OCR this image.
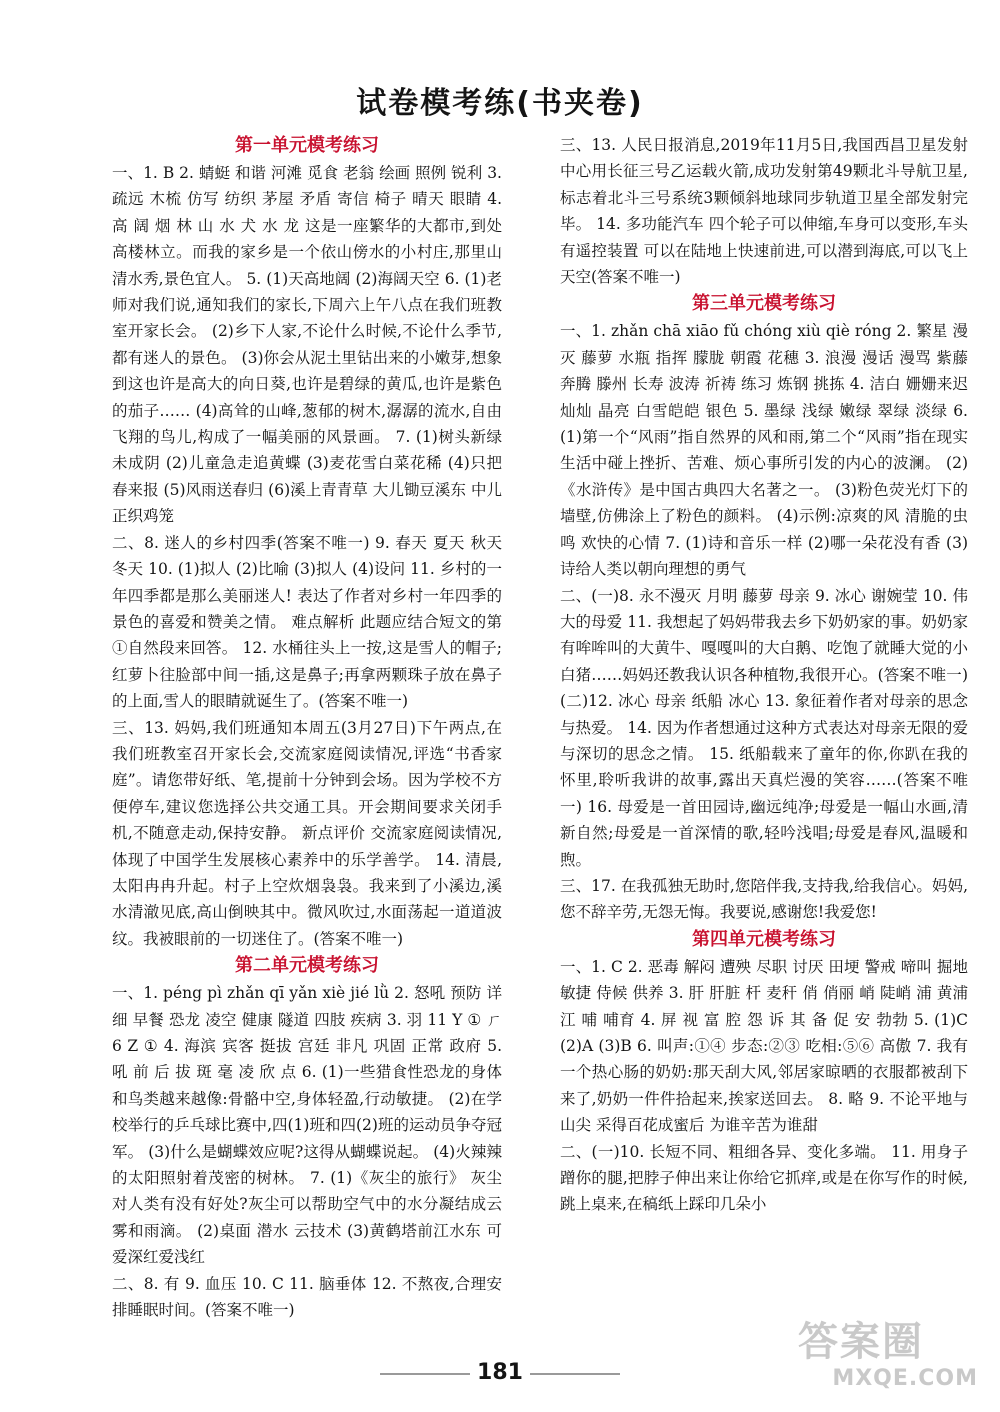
试卷模考练(书夹卷)
第一单元模考练习

一、1. B 2. 蜻蜓 和谐 河滩 觅食 老翁 绘画 照例 锐利 3. 疏远 木梳 仿写 纺织 茅屋 矛盾 寄信 椅子 晴天 眼睛 4. 高 阔 烟 林 山 水 犬 水 龙 这是一座繁华的大都市,到处高楼林立。而我的家乡是一个依山傍水的小村庄,那里山清水秀,景色宜人。 5. (1)天高地阔 (2)海阔天空 6. (1)老师对我们说,通知我们的家长,下周六上午八点在我们班教室开家长会。 (2)乡下人家,不论什么时候,不论什么季节,都有迷人的景色。 (3)你会从泥土里钻出来的小嫩芽,想象到这也许是高大的向日葵,也许是碧绿的黄瓜,也许是紫色的茄子…… (4)高耸的山峰,葱郁的树木,潺潺的流水,自由飞翔的鸟儿,构成了一幅美丽的风景画。 7. (1)树头新绿未成阴 (2)儿童急走追黄蝶 (3)麦花雪白菜花稀 (4)只把春来报 (5)风雨送春归 (6)溪上青青草 大儿锄豆溪东 中儿正织鸡笼

二、8. 迷人的乡村四季(答案不唯一) 9. 春天 夏天 秋天 冬天 10. (1)拟人 (2)比喻 (3)拟人 (4)设问 11. 乡村的一年四季都是那么美丽迷人! 表达了作者对乡村一年四季的景色的喜爱和赞美之情。 难点解析 此题应结合短文的第①自然段来回答。 12. 水桶往头上一按,这是雪人的帽子;红萝卜往脸部中间一插,这是鼻子;再拿两颗珠子放在鼻子的上面,雪人的眼睛就诞生了。(答案不唯一)

三、13. 妈妈,我们班通知本周五(3月27日)下午两点,在我们班教室召开家长会,交流家庭阅读情况,评选“书香家庭”。请您带好纸、笔,提前十分钟到会场。因为学校不方便停车,建议您选择公共交通工具。开会期间要求关闭手机,不随意走动,保持安静。 新点评价 交流家庭阅读情况,体现了中国学生发展核心素养中的乐学善学。 14. 清晨,太阳冉冉升起。村子上空炊烟袅袅。我来到了小溪边,溪水清澈见底,高山倒映其中。微风吹过,水面荡起一道道波纹。我被眼前的一切迷住了。(答案不唯一)

第二单元模考练习

一、1. péng pì zhǎn qī yǎn xiè jié lǜ 2. 怒吼 预防 详细 早餐 恐龙 凌空 健康 隧道 四肢 疾病 3. 羽 11 Y ① ㄏ 6 Z ① 4. 海滨 宾客 挺拔 宫廷 非凡 巩固 正常 政府 5. 吼 前 后 拔 斑 毫 凌 欣 点 6. (1)一些猎食性恐龙的身体和鸟类越来越像:骨骼中空,身体轻盈,行动敏捷。 (2)在学校举行的乒乓球比赛中,四(1)班和四(2)班的运动员争夺冠军。 (3)什么是蝴蝶效应呢?这得从蝴蝶说起。 (4)火辣辣的太阳照射着茂密的树林。 7. (1)《灰尘的旅行》 灰尘对人类有没有好处?灰尘可以帮助空气中的水分凝结成云雾和雨滴。 (2)桌面 潜水 云技术 (3)黄鹤塔前江水东 可爱深红爱浅红

二、8. 有 9. 血压 10. C 11. 脑垂体 12. 不熬夜,合理安排睡眠时间。(答案不唯一)

三、13. 人民日报消息,2019年11月5日,我国西昌卫星发射中心用长征三号乙运载火箭,成功发射第49颗北斗导航卫星,标志着北斗三号系统3颗倾斜地球同步轨道卫星全部发射完毕。 14. 多功能汽车 四个轮子可以伸缩,车身可以变形,车头有遥控装置 可以在陆地上快速前进,可以潜到海底,可以飞上天空(答案不唯一)

第三单元模考练习

一、1. zhǎn chā xiāo fǔ chóng xiù qiè róng 2. 繁星 漫灭 藤萝 水瓶 指挥 朦胧 朝霞 花穗 3. 浪漫 漫话 漫骂 紫藤 奔腾 滕州 长寿 波涛 祈祷 练习 炼钢 挑拣 4. 洁白 姗姗来迟 灿灿 晶亮 白雪皑皑 银色 5. 墨绿 浅绿 嫩绿 翠绿 淡绿 6. (1)第一个“风雨”指自然界的风和雨,第二个“风雨”指在现实生活中碰上挫折、苦难、烦心事所引发的内心的波澜。 (2)《水浒传》是中国古典四大名著之一。 (3)粉色荧光灯下的墙壁,仿佛涂上了粉色的颜料。 (4)示例:凉爽的风 清脆的虫鸣 欢快的心情 7. (1)诗和音乐一样 (2)哪一朵花没有香 (3)诗给人类以朝向理想的勇气

二、(一)8. 永不漫灭 月明 藤萝 母亲 9. 冰心 谢婉莹 10. 伟大的母爱 11. 我想起了妈妈带我去乡下奶奶家的事。奶奶家有哞哞叫的大黄牛、嘎嘎叫的大白鹅、吃饱了就睡大觉的小白猪……妈妈还教我认识各种植物,我很开心。(答案不唯一) (二)12. 冰心 母亲 纸船 冰心 13. 象征着作者对母亲的思念与热爱。 14. 因为作者想通过这种方式表达对母亲无限的爱与深切的思念之情。 15. 纸船载来了童年的你,你趴在我的怀里,聆听我讲的故事,露出天真烂漫的笑容……(答案不唯一) 16. 母爱是一首田园诗,幽远纯净;母爱是一幅山水画,清新自然;母爱是一首深情的歌,轻吟浅唱;母爱是春风,温暖和煦。

三、17. 在我孤独无助时,您陪伴我,支持我,给我信心。妈妈,您不辞辛劳,无怨无悔。我要说,感谢您!我爱您!

第四单元模考练习

一、1. C 2. 恶毒 解闷 遭殃 尽职 讨厌 田埂 警戒 啼叫 掘地 敏捷 侍候 供养 3. 肝 肝脏 杆 麦秆 俏 俏丽 峭 陡峭 浦 黄浦江 哺 哺育 4. 屏 视 富 腔 怨 诉 其 备 促 安 勃勃 5. (1)C (2)A (3)B 6. 叫声:①④ 步态:②③ 吃相:⑤⑥ 高傲 7. 我有一个热心肠的奶奶:那天刮大风,邻居家晾晒的衣服都被刮下来了,奶奶一件件拾起来,挨家送回去。 8. 略 9. 不论平地与山尖 采得百花成蜜后 为谁辛苦为谁甜

二、(一)10. 长短不同、粗细各异、变化多端。 11. 用身子蹭你的腿,把脖子伸出来让你给它抓痒,或是在你写作的时候,跳上桌来,在稿纸上踩印几朵小

181
答案圈
MXQE.COM
